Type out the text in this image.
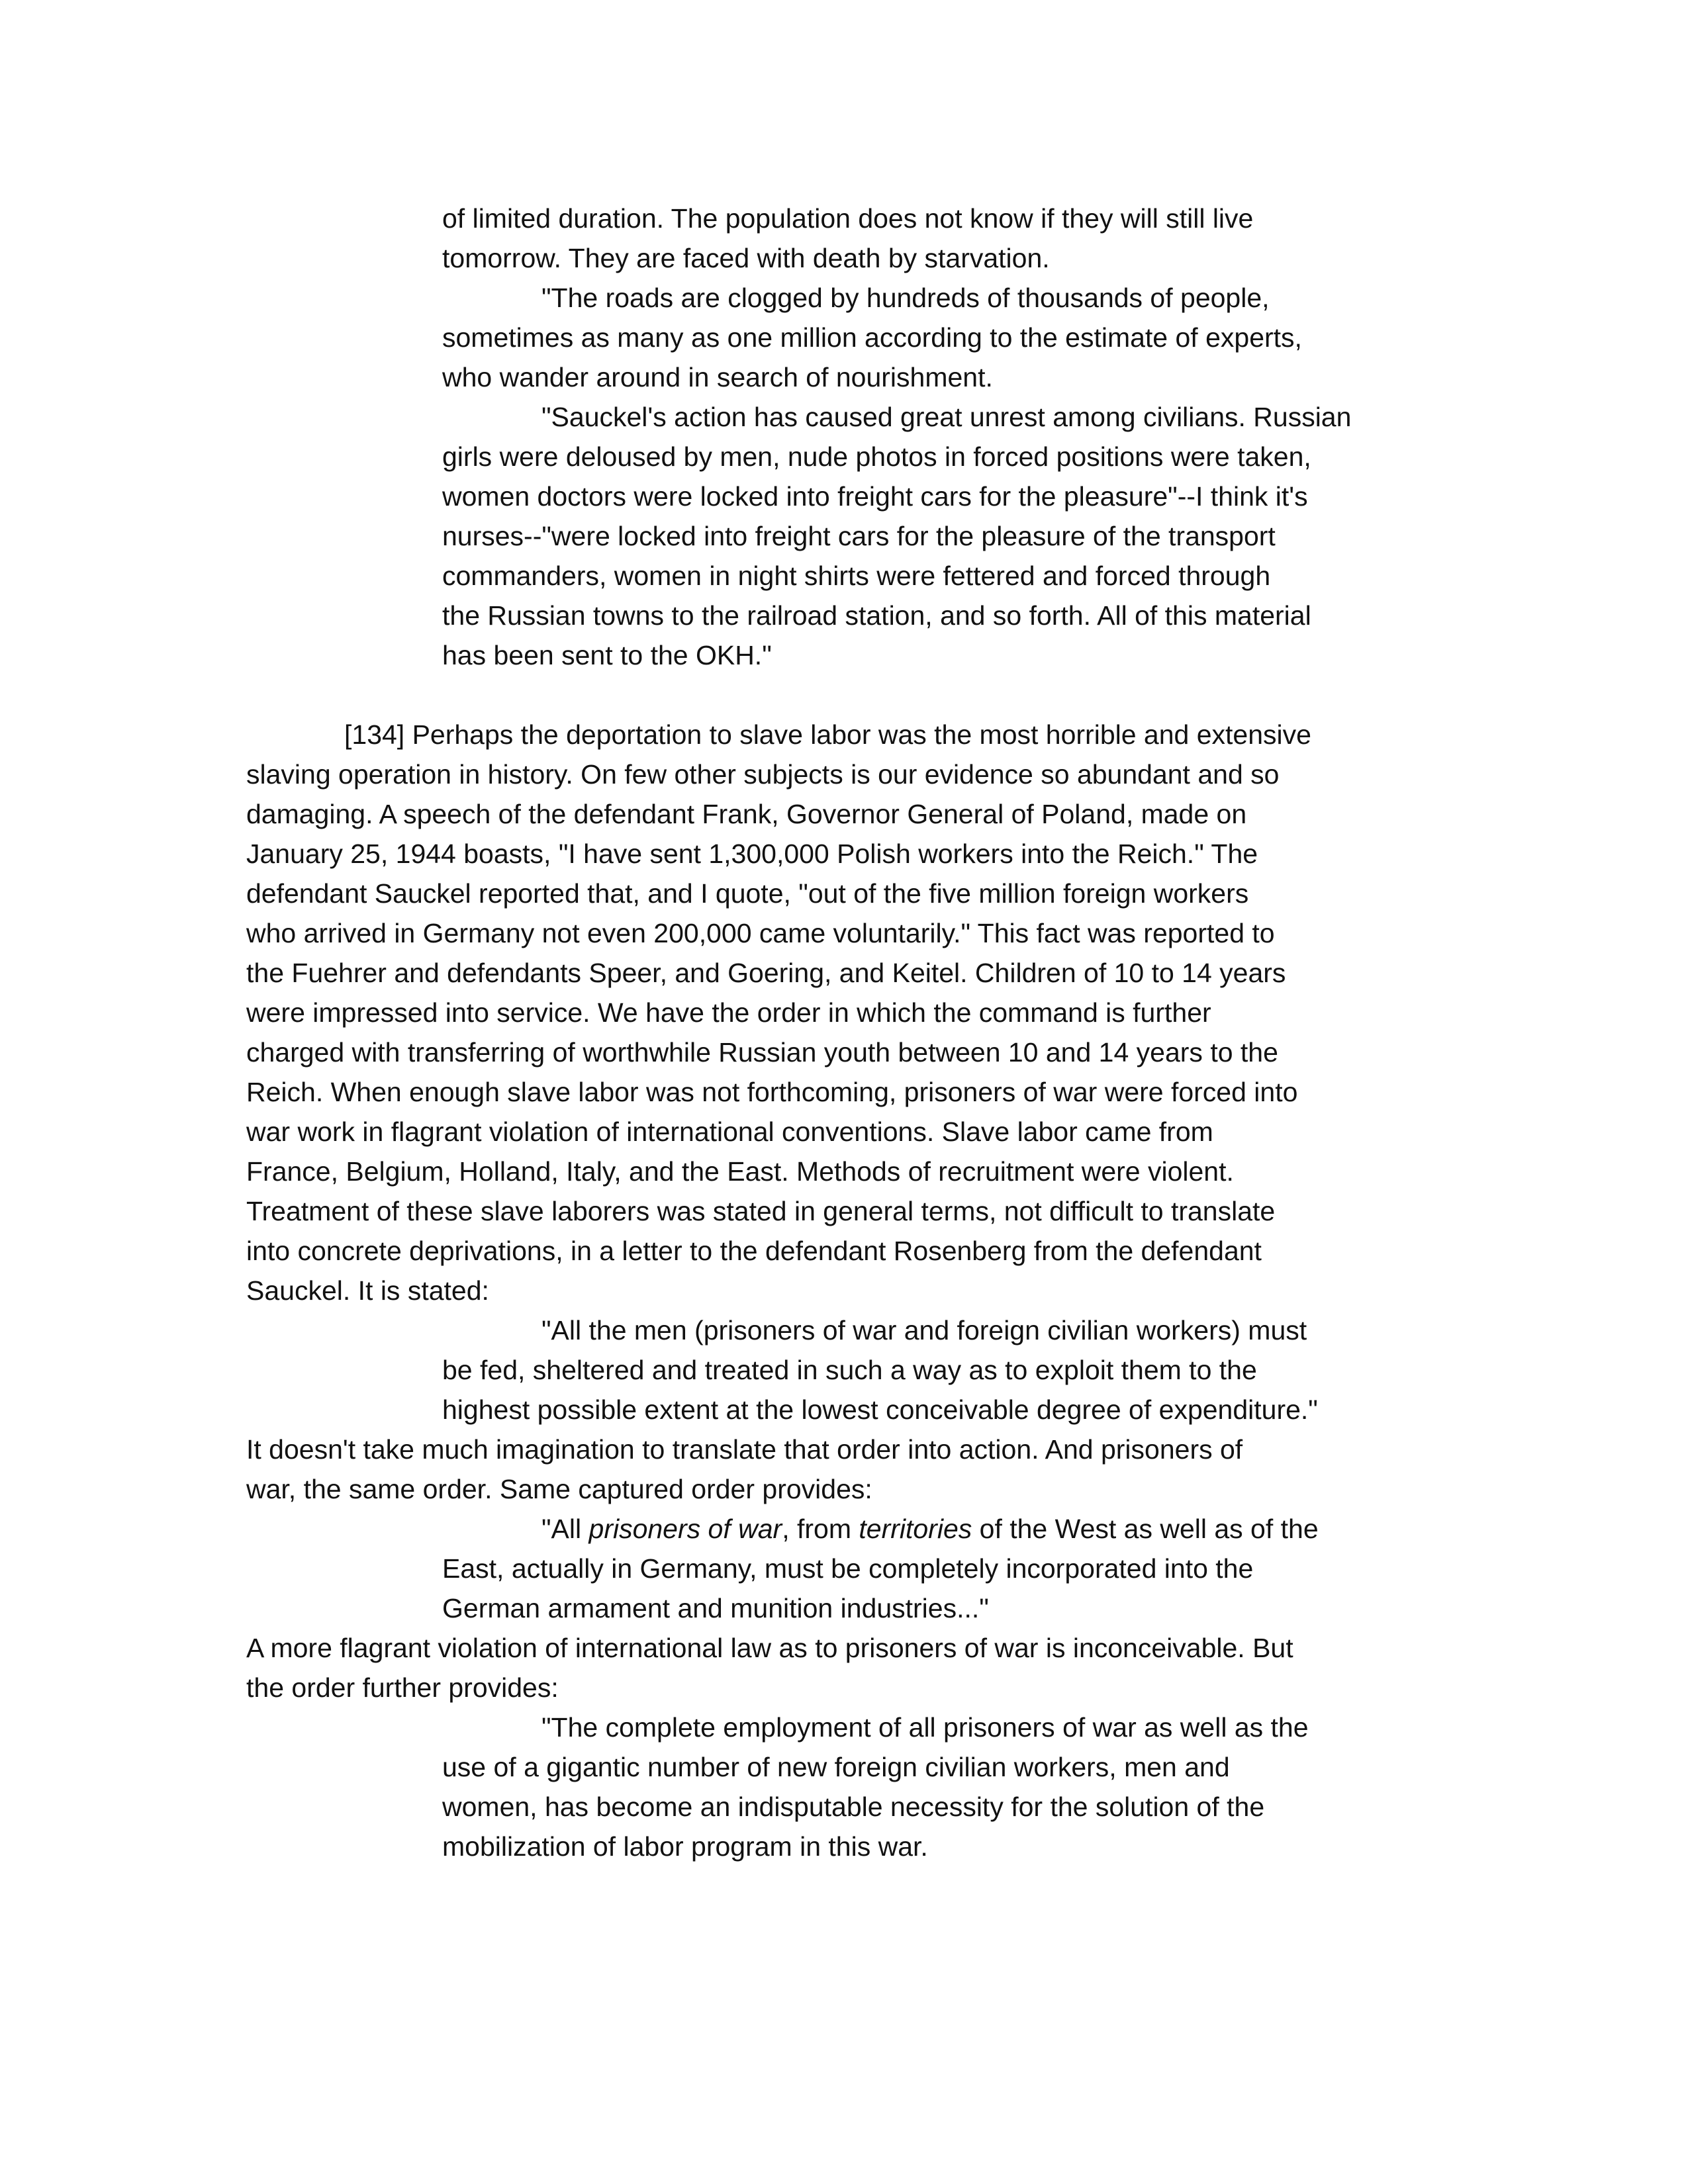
of limited duration. The population does not know if they will still live
tomorrow. They are faced with death by starvation.
"The roads are clogged by hundreds of thousands of people,
sometimes as many as one million according to the estimate of experts,
who wander around in search of nourishment.
"Sauckel's action has caused great unrest among civilians. Russian
girls were deloused by men, nude photos in forced positions were taken,
women doctors were locked into freight cars for the pleasure"--I think it's
nurses--"were locked into freight cars for the pleasure of the transport
commanders, women in night shirts were fettered and forced through
the Russian towns to the railroad station, and so forth. All of this material
has been sent to the OKH."
[134] Perhaps the deportation to slave labor was the most horrible and extensive
slaving operation in history. On few other subjects is our evidence so abundant and so
damaging. A speech of the defendant Frank, Governor General of Poland, made on
January 25, 1944 boasts, "I have sent 1,300,000 Polish workers into the Reich." The
defendant Sauckel reported that, and I quote, "out of the five million foreign workers
who arrived in Germany not even 200,000 came voluntarily." This fact was reported to
the Fuehrer and defendants Speer, and Goering, and Keitel. Children of 10 to 14 years
were impressed into service. We have the order in which the command is further
charged with transferring of worthwhile Russian youth between 10 and 14 years to the
Reich. When enough slave labor was not forthcoming, prisoners of war were forced into
war work in flagrant violation of international conventions. Slave labor came from
France, Belgium, Holland, Italy, and the East. Methods of recruitment were violent.
Treatment of these slave laborers was stated in general terms, not difficult to translate
into concrete deprivations, in a letter to the defendant Rosenberg from the defendant
Sauckel. It is stated:
"All the men (prisoners of war and foreign civilian workers) must
be fed, sheltered and treated in such a way as to exploit them to the
highest possible extent at the lowest conceivable degree of expenditure."
It doesn't take much imagination to translate that order into action. And prisoners of
war, the same order. Same captured order provides:
"All prisoners of war, from territories of the West as well as of the
East, actually in Germany, must be completely incorporated into the
German armament and munition industries..."
A more flagrant violation of international law as to prisoners of war is inconceivable. But
the order further provides:
"The complete employment of all prisoners of war as well as the
use of a gigantic number of new foreign civilian workers, men and
women, has become an indisputable necessity for the solution of the
mobilization of labor program in this war.
